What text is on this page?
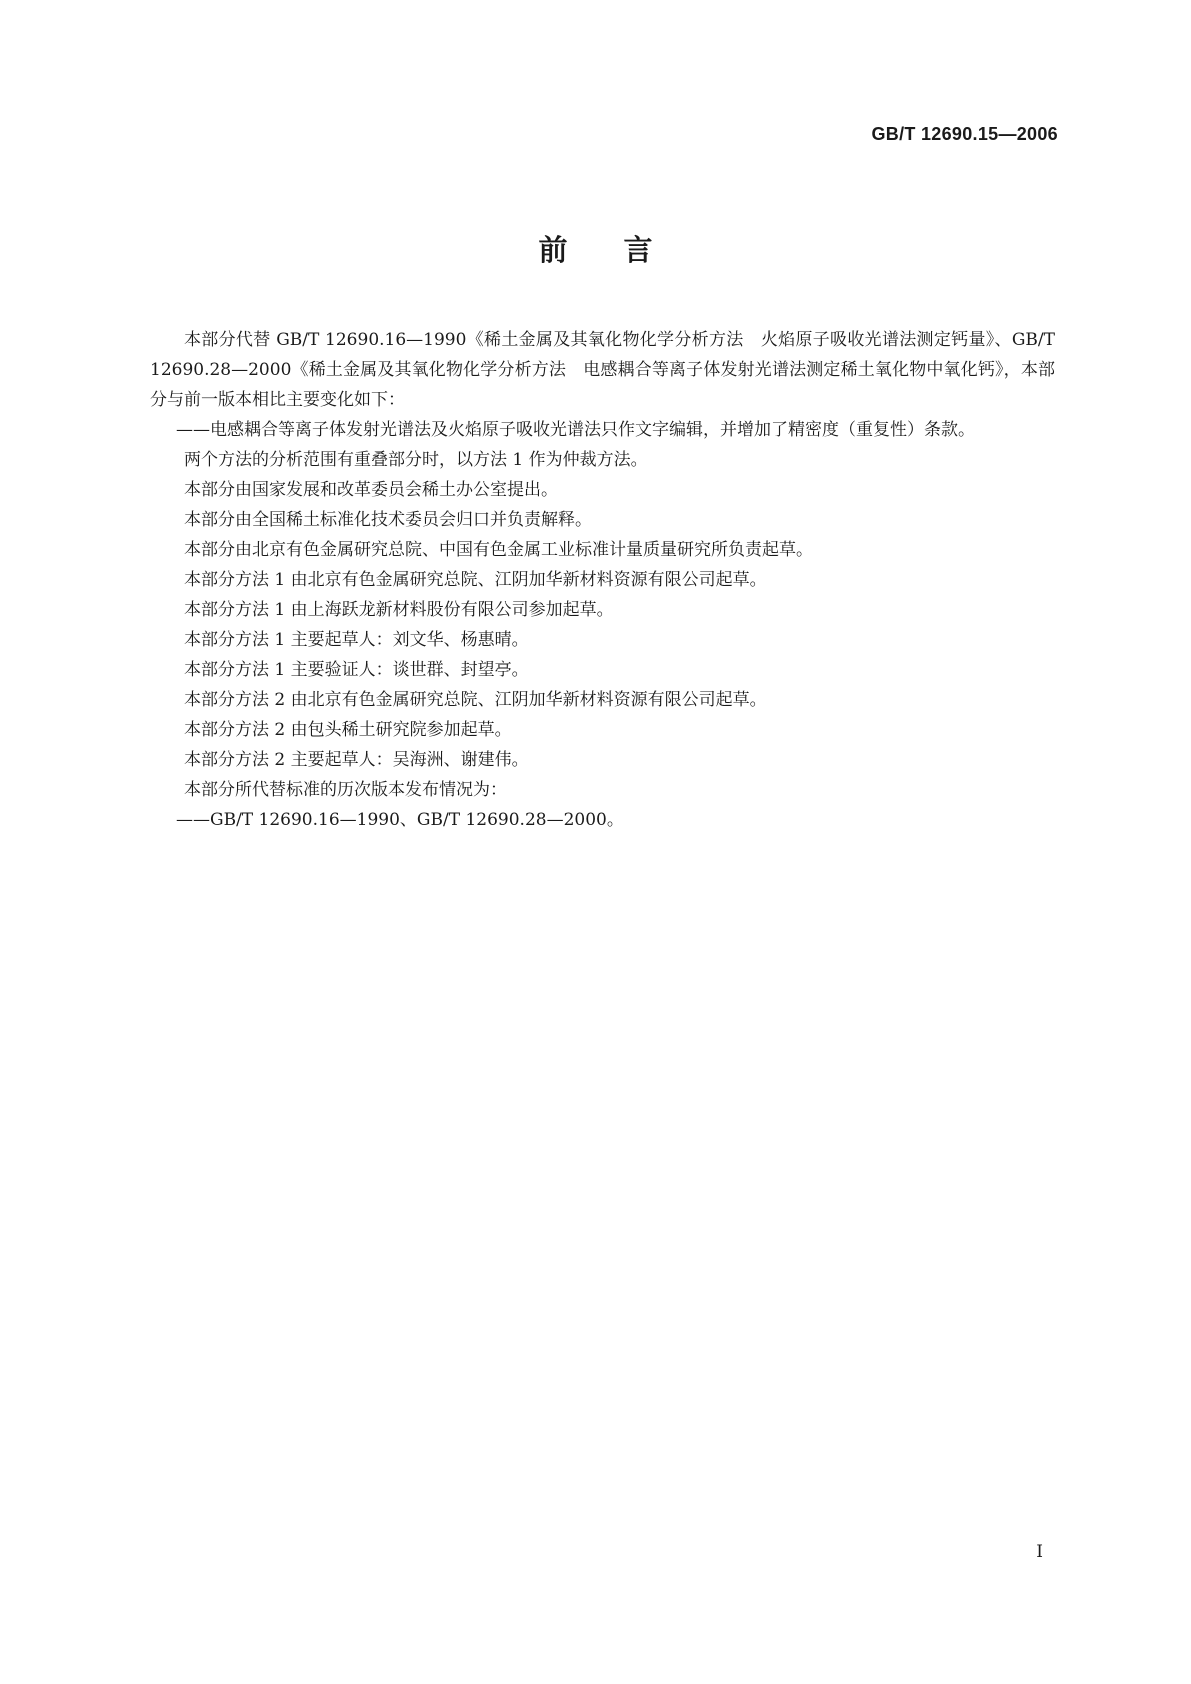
GB/T 12690.15—2006
前言

本部分代替 GB/T 12690.16—1990《稀土金属及其氧化物化学分析方法　火焰原子吸收光谱法测定钙量》、GB/T 12690.28—2000《稀土金属及其氧化物化学分析方法　电感耦合等离子体发射光谱法测定稀土氧化物中氧化钙》，本部分与前一版本相比主要变化如下：

——电感耦合等离子体发射光谱法及火焰原子吸收光谱法只作文字编辑，并增加了精密度（重复性）条款。

两个方法的分析范围有重叠部分时，以方法 1 作为仲裁方法。

本部分由国家发展和改革委员会稀土办公室提出。

本部分由全国稀土标准化技术委员会归口并负责解释。

本部分由北京有色金属研究总院、中国有色金属工业标准计量质量研究所负责起草。

本部分方法 1 由北京有色金属研究总院、江阴加华新材料资源有限公司起草。

本部分方法 1 由上海跃龙新材料股份有限公司参加起草。

本部分方法 1 主要起草人：刘文华、杨惠晴。

本部分方法 1 主要验证人：谈世群、封望亭。

本部分方法 2 由北京有色金属研究总院、江阴加华新材料资源有限公司起草。

本部分方法 2 由包头稀土研究院参加起草。

本部分方法 2 主要起草人：吴海洲、谢建伟。

本部分所代替标准的历次版本发布情况为：

——GB/T 12690.16—1990、GB/T 12690.28—2000。

I
